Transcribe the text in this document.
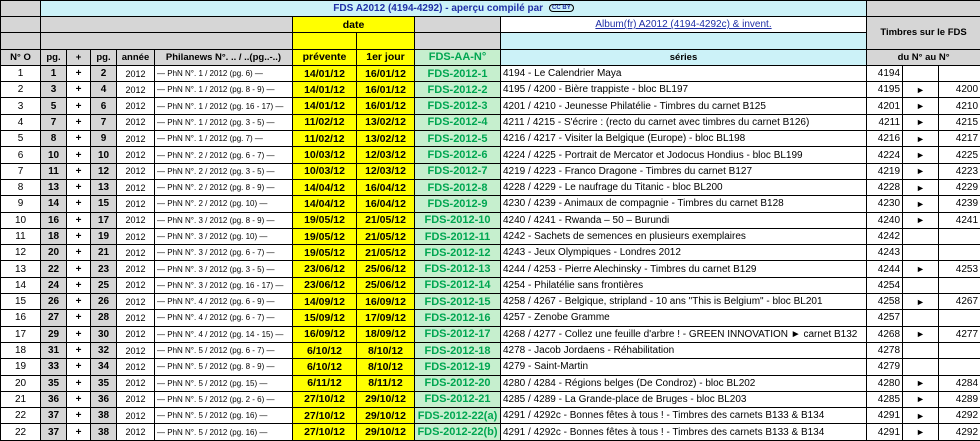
	FDS A2012 (4194-4292) - aperçu compilé par CC BY											
						date			Album(fr) A2012 (4194-4292c) & invent.	Timbres sur le FDS		

N° O	pg.	+	pg.	année	Philanews N°. .. / ..(pg..-..)	prévente	1er jour	FDS-AA-N°	séries	du N° au N°		
1	1	+	2	2012	— PhN N°. 1 / 2012 (pg. 6) —	14/01/12	16/01/12	FDS-2012-1	4194 - Le Calendrier Maya	4194		
2	3	+	4	2012	— PhN N°. 1 / 2012 (pg. 8 - 9) —	14/01/12	16/01/12	FDS-2012-2	4195 / 4200 - Bière trappiste - bloc BL197	4195	►	4200
3	5	+	6	2012	— PhN N°. 1 / 2012 (pg. 16 - 17) —	14/01/12	16/01/12	FDS-2012-3	4201 / 4210 - Jeunesse Philatélie - Timbres du carnet B125	4201	►	4210
4	7	+	7	2012	— PhN N°. 1 / 2012 (pg. 3 - 5) —	11/02/12	13/02/12	FDS-2012-4	4211 / 4215 - S'écrire : (recto du carnet avec timbres du carnet B126)	4211	►	4215
5	8	+	9	2012	— PhN N°. 1 / 2012 (pg. 7) —	11/02/12	13/02/12	FDS-2012-5	4216 / 4217 - Visiter la Belgique (Europe) - bloc BL198	4216	►	4217
6	10	+	10	2012	— PhN N°. 2 / 2012 (pg. 6 - 7) —	10/03/12	12/03/12	FDS-2012-6	4224 / 4225 - Portrait de Mercator et Jodocus Hondius - bloc BL199	4224	►	4225
7	11	+	12	2012	— PhN N°. 2 / 2012 (pg. 3 - 5) —	10/03/12	12/03/12	FDS-2012-7	4219 / 4223 - Franco Dragone - Timbres du carnet B127	4219	►	4223
8	13	+	13	2012	— PhN N°. 2 / 2012 (pg. 8 - 9) —	14/04/12	16/04/12	FDS-2012-8	4228 / 4229 - Le naufrage du Titanic - bloc BL200	4228	►	4229
9	14	+	15	2012	— PhN N°. 2 / 2012 (pg. 10) —	14/04/12	16/04/12	FDS-2012-9	4230 / 4239 - Animaux de compagnie - Timbres du carnet B128	4230	►	4239
10	16	+	17	2012	— PhN N°. 3 / 2012 (pg. 8 - 9) —	19/05/12	21/05/12	FDS-2012-10	4240 / 4241 - Rwanda – 50 – Burundi	4240	►	4241
11	18	+	19	2012	— PhN N°. 3 / 2012 (pg. 10) —	19/05/12	21/05/12	FDS-2012-11	4242 - Sachets de semences en plusieurs exemplaires	4242		
12	20	+	21	2012	— PhN N°. 3 / 2012 (pg. 6 - 7) —	19/05/12	21/05/12	FDS-2012-12	4243 - Jeux Olympiques - Londres 2012	4243		
13	22	+	23	2012	— PhN N°. 3 / 2012 (pg. 3 - 5) —	23/06/12	25/06/12	FDS-2012-13	4244 / 4253 - Pierre Alechinsky - Timbres du carnet B129	4244	►	4253
14	24	+	25	2012	— PhN N°. 3 / 2012 (pg. 16 - 17) —	23/06/12	25/06/12	FDS-2012-14	4254 - Philatélie sans frontières	4254		
15	26	+	26	2012	— PhN N°. 4 / 2012 (pg. 6 - 9) —	14/09/12	16/09/12	FDS-2012-15	4258 / 4267 - Belgique, stripland - 10 ans "This is Belgium" - bloc BL201	4258	►	4267
16	27	+	28	2012	— PhN N°. 4 / 2012 (pg. 6 - 7) —	15/09/12	17/09/12	FDS-2012-16	4257 - Zenobe Gramme	4257		
17	29	+	30	2012	— PhN N°. 4 / 2012 (pg. 14 - 15) —	16/09/12	18/09/12	FDS-2012-17	4268 / 4277 - Collez une feuille d'arbre ! - GREEN INNOVATION ► carnet B132	4268	►	4277
18	31	+	32	2012	— PhN N°. 5 / 2012 (pg. 6 - 7) —	6/10/12	8/10/12	FDS-2012-18	4278 - Jacob Jordaens - Réhabilitation	4278		
19	33	+	34	2012	— PhN N°. 5 / 2012 (pg. 8 - 9) —	6/10/12	8/10/12	FDS-2012-19	4279 - Saint-Martin	4279		
20	35	+	35	2012	— PhN N°. 5 / 2012 (pg. 15) —	6/11/12	8/11/12	FDS-2012-20	4280 / 4284 - Régions belges (De Condroz) - bloc BL202	4280	►	4284
21	36	+	36	2012	— PhN N°. 5 / 2012 (pg. 2 - 6) —	27/10/12	29/10/12	FDS-2012-21	4285 / 4289 - La Grande-place de Bruges - bloc BL203	4285	►	4289
22	37	+	38	2012	— PhN N°. 5 / 2012 (pg. 16) —	27/10/12	29/10/12	FDS-2012-22(a)	4291 / 4292c - Bonnes fêtes à tous ! - Timbres des carnets B133 & B134	4291	►	4292
22	37	+	38	2012	— PhN N°. 5 / 2012 (pg. 16) —	27/10/12	29/10/12	FDS-2012-22(b)	4291 / 4292c - Bonnes fêtes à tous ! - Timbres des carnets B133 & B134	4291	►	4292
